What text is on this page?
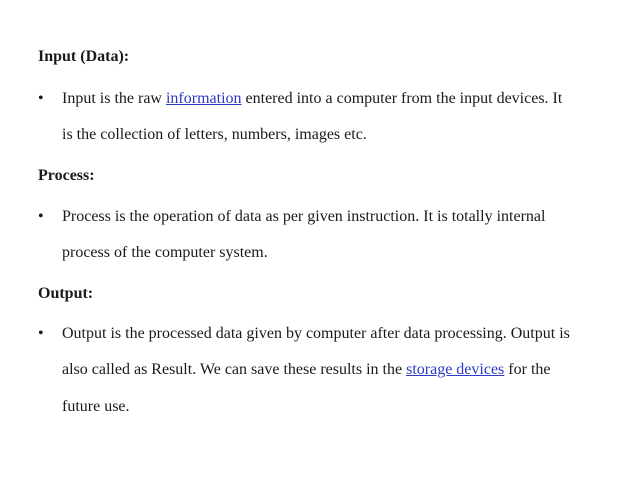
Input (Data):
• Input is the raw information entered into a computer from the input devices. It
is the collection of letters, numbers, images etc.
Process:
• Process is the operation of data as per given instruction. It is totally internal
process of the computer system.
Output:
• Output is the processed data given by computer after data processing. Output is
also called as Result. We can save these results in the storage devices for the
future use.
